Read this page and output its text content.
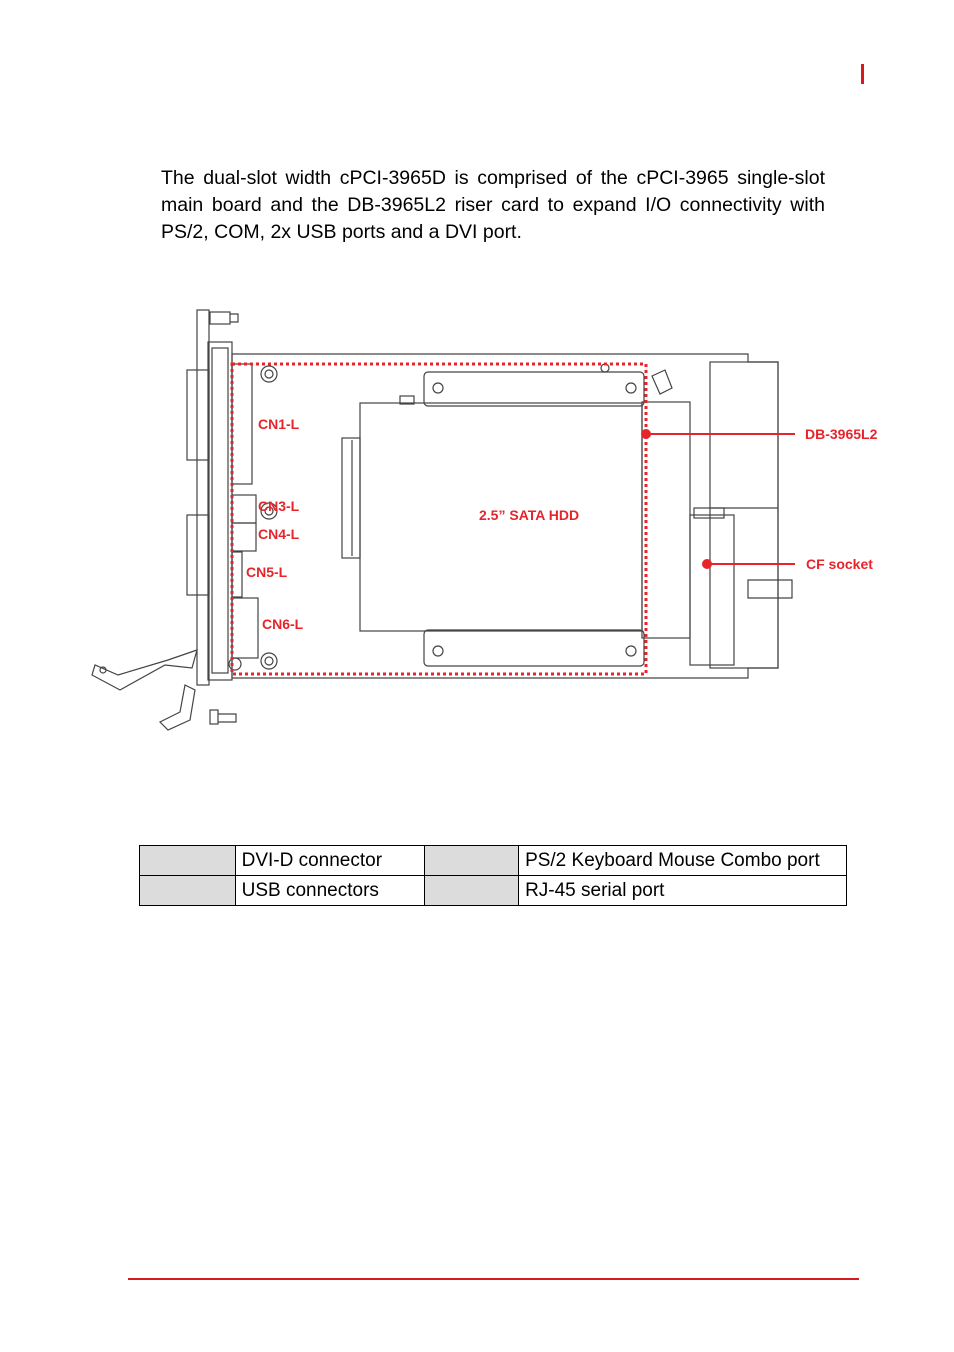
The dual-slot width cPCI-3965D is comprised of the cPCI-3965 single-slot main board and the DB-3965L2 riser card to expand I/O connectivity with PS/2, COM, 2x USB ports and a DVI port.

CN1-L
CN3-L
CN4-L
CN5-L
CN6-L
2.5” SATA HDD
DB-3965L2
CF socket
	DVI-D connector		PS/2 Keyboard Mouse Combo port
	USB connectors		RJ-45 serial port
